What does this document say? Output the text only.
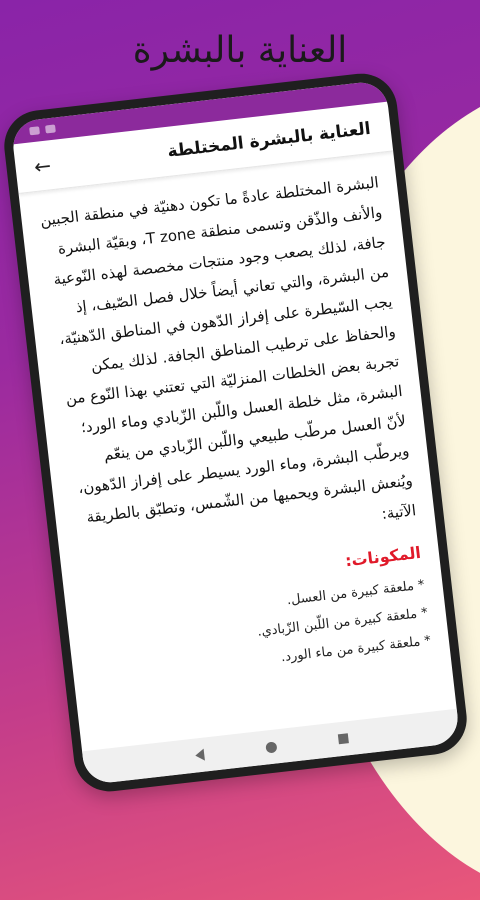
العناية بالبشرة
←
العناية بالبشرة المختلطة

البشرة المختلطة عادةً ما تكون دهنيّة في منطقة الجبين والأنف والذّقن وتسمى منطقة T zone، وبقيّة البشرة جافة، لذلك يصعب وجود منتجات مخصصة لهذه النّوعية من البشرة، والتي تعاني أيضاً خلال فصل الصّيف، إذ يجب السّيطرة على إفراز الدّهون في المناطق الدّهنيّة، والحفاظ على ترطيب المناطق الجافة. لذلك يمكن تجربة بعض الخلطات المنزليّة التي تعتني بهذا النّوع من البشرة، مثل خلطة العسل واللّبن الزّبادي وماء الورد؛ لأنّ العسل مرطّب طبيعي واللّبن الزّبادي من ينعّم ويرطّب البشرة، وماء الورد يسيطر على إفراز الدّهون، ويُنعش البشرة ويحميها من الشّمس، وتطبّق بالطريقة الآتية:

المكونات:
* ملعقة كبيرة من العسل.
* ملعقة كبيرة من اللّبن الزّبادي.
* ملعقة كبيرة من ماء الورد.
